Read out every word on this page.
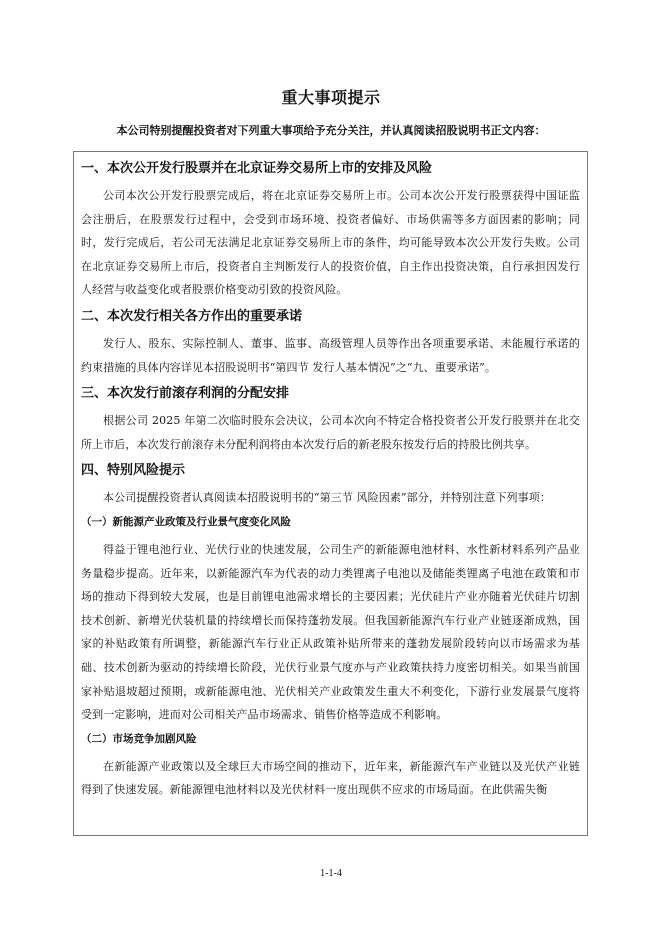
重大事项提示
本公司特别提醒投资者对下列重大事项给予充分关注，并认真阅读招股说明书正文内容：
一、本次公开发行股票并在北京证券交易所上市的安排及风险

公司本次公开发行股票完成后，将在北京证券交易所上市。公司本次公开发行股票获得中国证监会注册后，在股票发行过程中，会受到市场环境、投资者偏好、市场供需等多方面因素的影响；同时，发行完成后，若公司无法满足北京证券交易所上市的条件，均可能导致本次公开发行失败。公司在北京证券交易所上市后，投资者自主判断发行人的投资价值，自主作出投资决策，自行承担因发行人经营与收益变化或者股票价格变动引致的投资风险。

二、本次发行相关各方作出的重要承诺

发行人、股东、实际控制人、董事、监事、高级管理人员等作出各项重要承诺、未能履行承诺的约束措施的具体内容详见本招股说明书“第四节 发行人基本情况”之“九、重要承诺”。

三、本次发行前滚存利润的分配安排

根据公司 2025 年第二次临时股东会决议，公司本次向不特定合格投资者公开发行股票并在北交所上市后，本次发行前滚存未分配利润将由本次发行后的新老股东按发行后的持股比例共享。

四、特别风险提示

本公司提醒投资者认真阅读本招股说明书的“第三节 风险因素”部分，并特别注意下列事项：

（一）新能源产业政策及行业景气度变化风险

得益于锂电池行业、光伏行业的快速发展，公司生产的新能源电池材料、水性新材料系列产品业务量稳步提高。近年来，以新能源汽车为代表的动力类锂离子电池以及储能类锂离子电池在政策和市场的推动下得到较大发展，也是目前锂电池需求增长的主要因素；光伏硅片产业亦随着光伏硅片切割技术创新、新增光伏装机量的持续增长而保持蓬勃发展。但我国新能源汽车行业产业链逐渐成熟，国家的补贴政策有所调整，新能源汽车行业正从政策补贴所带来的蓬勃发展阶段转向以市场需求为基础、技术创新为驱动的持续增长阶段，光伏行业景气度亦与产业政策扶持力度密切相关。如果当前国家补贴退坡超过预期，或新能源电池、光伏相关产业政策发生重大不利变化，下游行业发展景气度将受到一定影响，进而对公司相关产品市场需求、销售价格等造成不利影响。

（二）市场竞争加剧风险

在新能源产业政策以及全球巨大市场空间的推动下，近年来，新能源汽车产业链以及光伏产业链得到了快速发展。新能源锂电池材料以及光伏材料一度出现供不应求的市场局面。在此供需失衡

1-1-4
